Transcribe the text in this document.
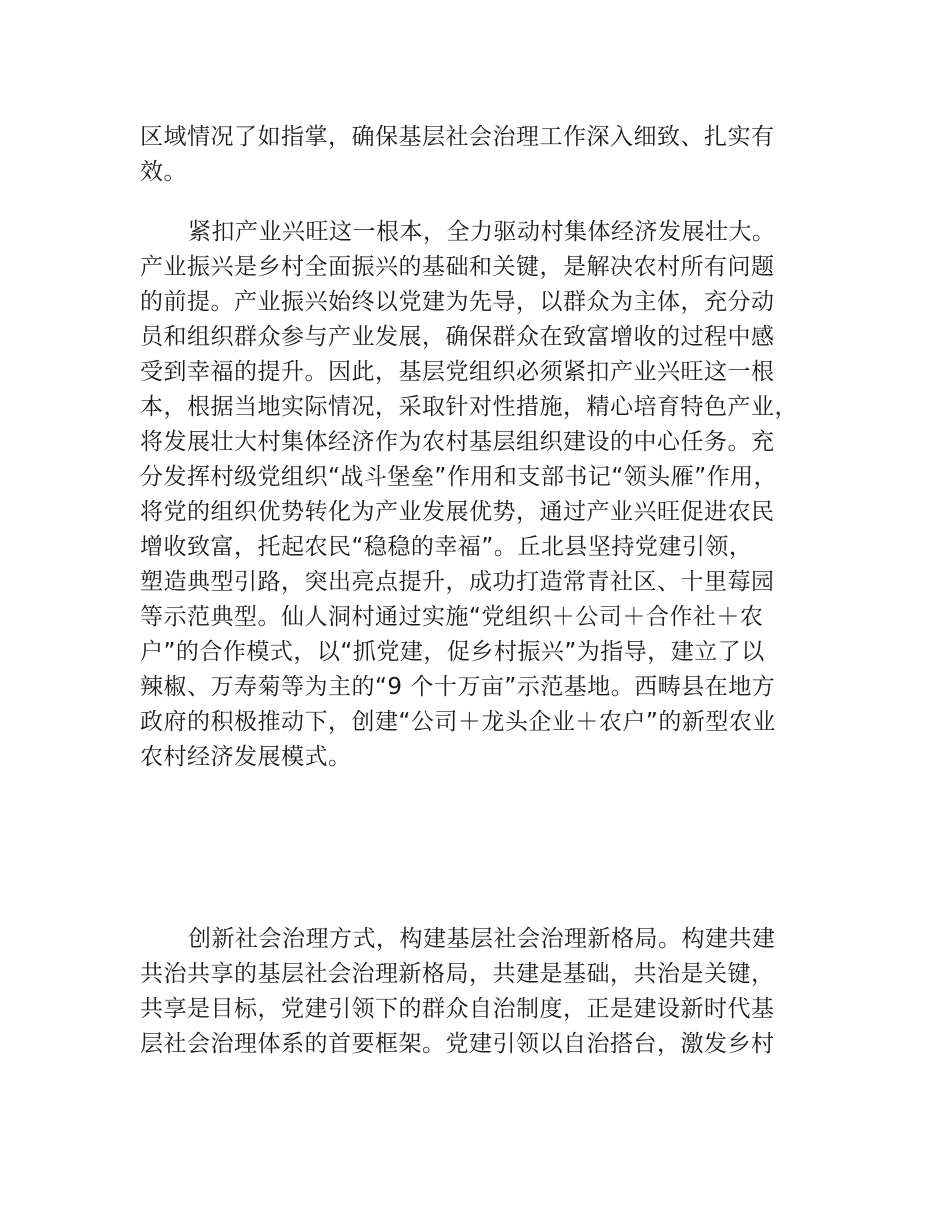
区域情况了如指掌，确保基层社会治理工作深入细致、扎实有
效。
紧扣产业兴旺这一根本，全力驱动村集体经济发展壮大。
产业振兴是乡村全面振兴的基础和关键，是解决农村所有问题
的前提。产业振兴始终以党建为先导，以群众为主体，充分动
员和组织群众参与产业发展，确保群众在致富增收的过程中感
受到幸福的提升。因此，基层党组织必须紧扣产业兴旺这一根
本，根据当地实际情况，采取针对性措施，精心培育特色产业，
将发展壮大村集体经济作为农村基层组织建设的中心任务。充
分发挥村级党组织“战斗堡垒”作用和支部书记“领头雁”作用，
将党的组织优势转化为产业发展优势，通过产业兴旺促进农民
增收致富，托起农民“稳稳的幸福”。丘北县坚持党建引领，
塑造典型引路，突出亮点提升，成功打造常青社区、十里莓园
等示范典型。仙人洞村通过实施“党组织＋公司＋合作社＋农
户”的合作模式，以“抓党建，促乡村振兴”为指导，建立了以
辣椒、万寿菊等为主的“9 个十万亩”示范基地。西畴县在地方
政府的积极推动下，创建“公司＋龙头企业＋农户”的新型农业
农村经济发展模式。
创新社会治理方式，构建基层社会治理新格局。构建共建
共治共享的基层社会治理新格局，共建是基础，共治是关键，
共享是目标，党建引领下的群众自治制度，正是建设新时代基
层社会治理体系的首要框架。党建引领以自治搭台，激发乡村
